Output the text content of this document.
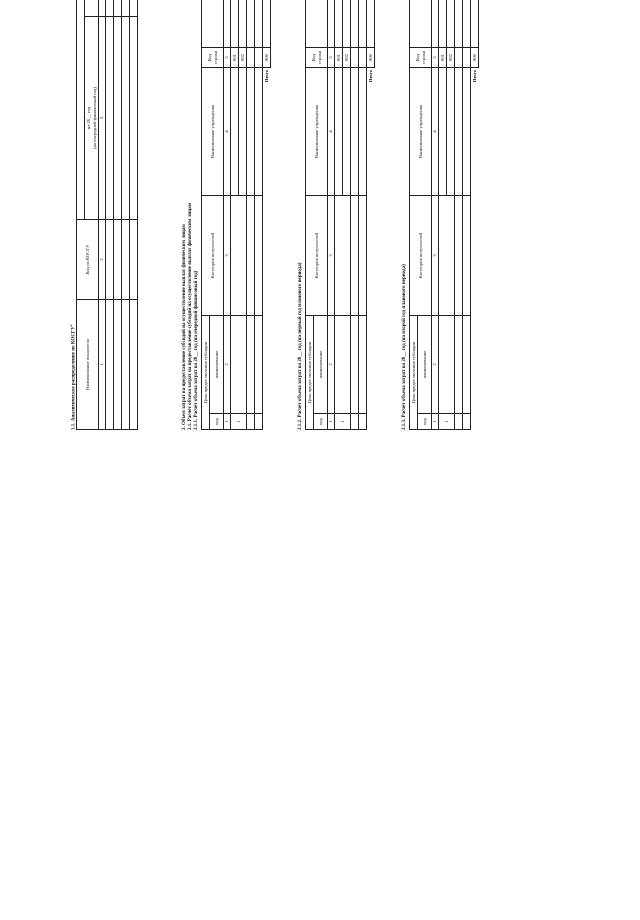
1.1. Аналитическое распределение по КОСГУ$^2$
Наименование показателя	Код по КОСГУ	
		на 20__ год		
		(на очередной финансовый год)		
1	2	3		

2. Объем затрат на предоставление субсидий на осуществление выплат физическим лицам 2.1. Расчет объема затрат на предоставление субсидий на осуществление выплат физическим лицам 2.1.1. Расчет объема затрат на 20__ год (на очередной финансовый год) Цель предоставления субсидии		Категория получателей	Наименование учреждения	Код
строки		

код	наименование						
1	2	3	4	5			
1				001			
				002			

			Итого	900			
2.1.2. Расчет объема затрат на 20__ год (на первый год планового периода) Цель предоставления субсидии		Категория получателей	Наименование учреждения	Код
строки		

код	наименование						
1	2	3	4	5			
1				001			
				002			

			Итого	900			
2.1.3. Расчет объема затрат на 20__ год (на второй год планового периода) Цель предоставления субсидии		Категория получателей	Наименование учреждения	Код
строки		

код	наименование						
1	2	3	4	5			
1				001			
				002			

			Итого	900			
